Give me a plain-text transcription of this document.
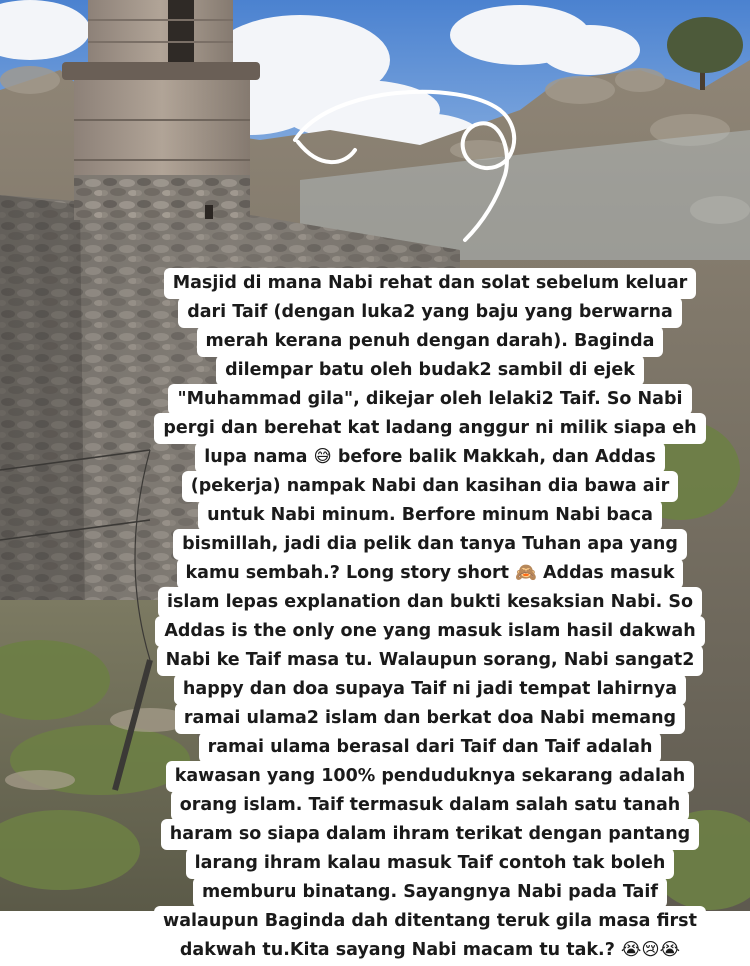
Masjid di mana Nabi rehat dan solat sebelum keluar
dari Taif (dengan luka2 yang baju yang berwarna
merah kerana penuh dengan darah). Baginda
dilempar batu oleh budak2 sambil di ejek
"Muhammad gila", dikejar oleh lelaki2 Taif. So Nabi
pergi dan berehat kat ladang anggur ni milik siapa eh
lupa nama 😅 before balik Makkah, dan Addas
(pekerja) nampak Nabi dan kasihan dia bawa air
untuk Nabi minum. Berfore minum Nabi baca
bismillah, jadi dia pelik dan tanya Tuhan apa yang
kamu sembah.? Long story short 🙈 Addas masuk
islam lepas explanation dan bukti kesaksian Nabi. So
Addas is the only one yang masuk islam hasil dakwah
Nabi ke Taif masa tu. Walaupun sorang, Nabi sangat2
happy dan doa supaya Taif ni jadi tempat lahirnya
ramai ulama2 islam dan berkat doa Nabi memang
ramai ulama berasal dari Taif dan Taif adalah
kawasan yang 100% penduduknya sekarang adalah
orang islam. Taif termasuk dalam salah satu tanah
haram so siapa dalam ihram terikat dengan pantang
larang ihram kalau masuk Taif contoh tak boleh
memburu binatang. Sayangnya Nabi pada Taif
walaupun Baginda dah ditentang teruk gila masa first
dakwah tu.Kita sayang Nabi macam tu tak.? 😭😢😭
